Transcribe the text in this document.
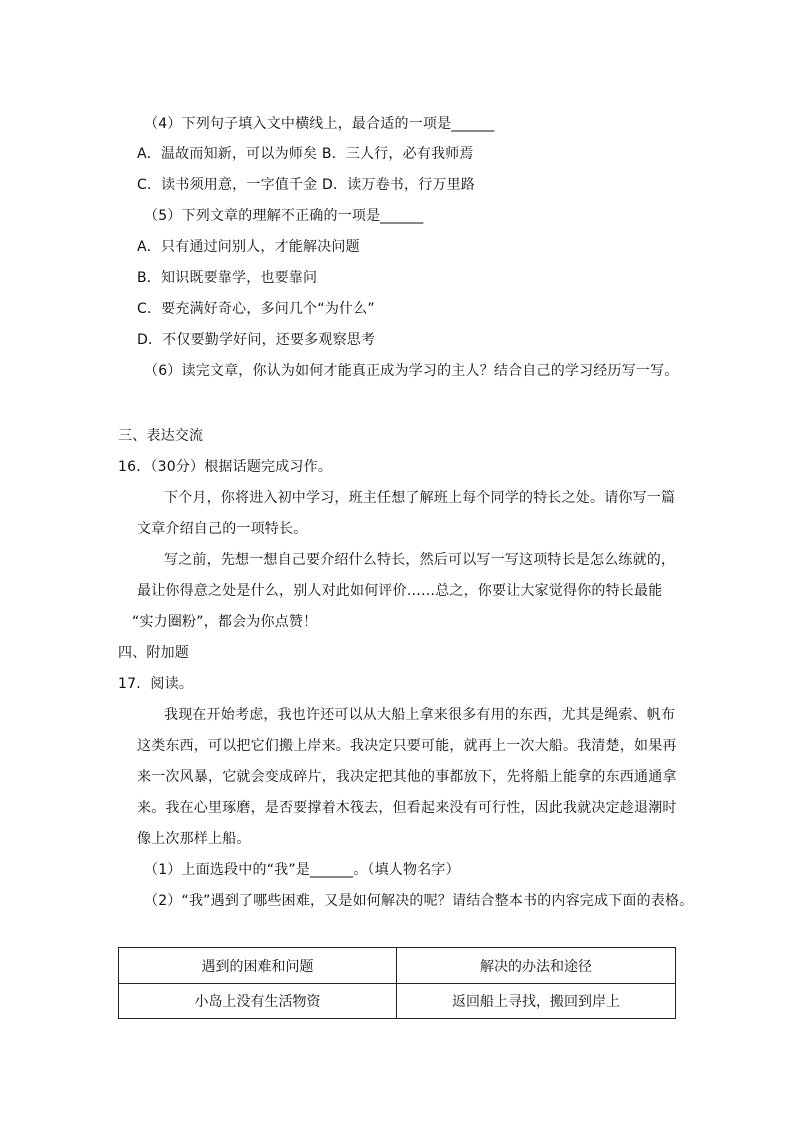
（4）下列句子填入文中横线上，最合适的一项是______
A．温故而知新，可以为师矣 B．三人行，必有我师焉
C．读书须用意，一字值千金 D．读万卷书，行万里路
（5）下列文章的理解不正确的一项是______
A．只有通过问别人，才能解决问题
B．知识既要靠学，也要靠问
C．要充满好奇心，多问几个“为什么”
D．不仅要勤学好问，还要多观察思考
（6）读完文章，你认为如何才能真正成为学习的主人？结合自己的学习经历写一写。
三、表达交流
16．（30分）根据话题完成习作。
下个月，你将进入初中学习，班主任想了解班上每个同学的特长之处。请你写一篇
文章介绍自己的一项特长。
写之前，先想一想自己要介绍什么特长，然后可以写一写这项特长是怎么练就的，
最让你得意之处是什么，别人对此如何评价……总之，你要让大家觉得你的特长最能
“实力圈粉”，都会为你点赞！
四、附加题
17．阅读。
我现在开始考虑，我也许还可以从大船上拿来很多有用的东西，尤其是绳索、帆布
这类东西，可以把它们搬上岸来。我决定只要可能，就再上一次大船。我清楚，如果再
来一次风暴，它就会变成碎片，我决定把其他的事都放下，先将船上能拿的东西通通拿
来。我在心里琢磨，是否要撑着木筏去，但看起来没有可行性，因此我就决定趁退潮时
像上次那样上船。
（1）上面选段中的“我”是______。（填人物名字）
（2）“我”遇到了哪些困难，又是如何解决的呢？请结合整本书的内容完成下面的表格。
遇到的困难和问题	解决的办法和途径
小岛上没有生活物资	返回船上寻找，搬回到岸上
